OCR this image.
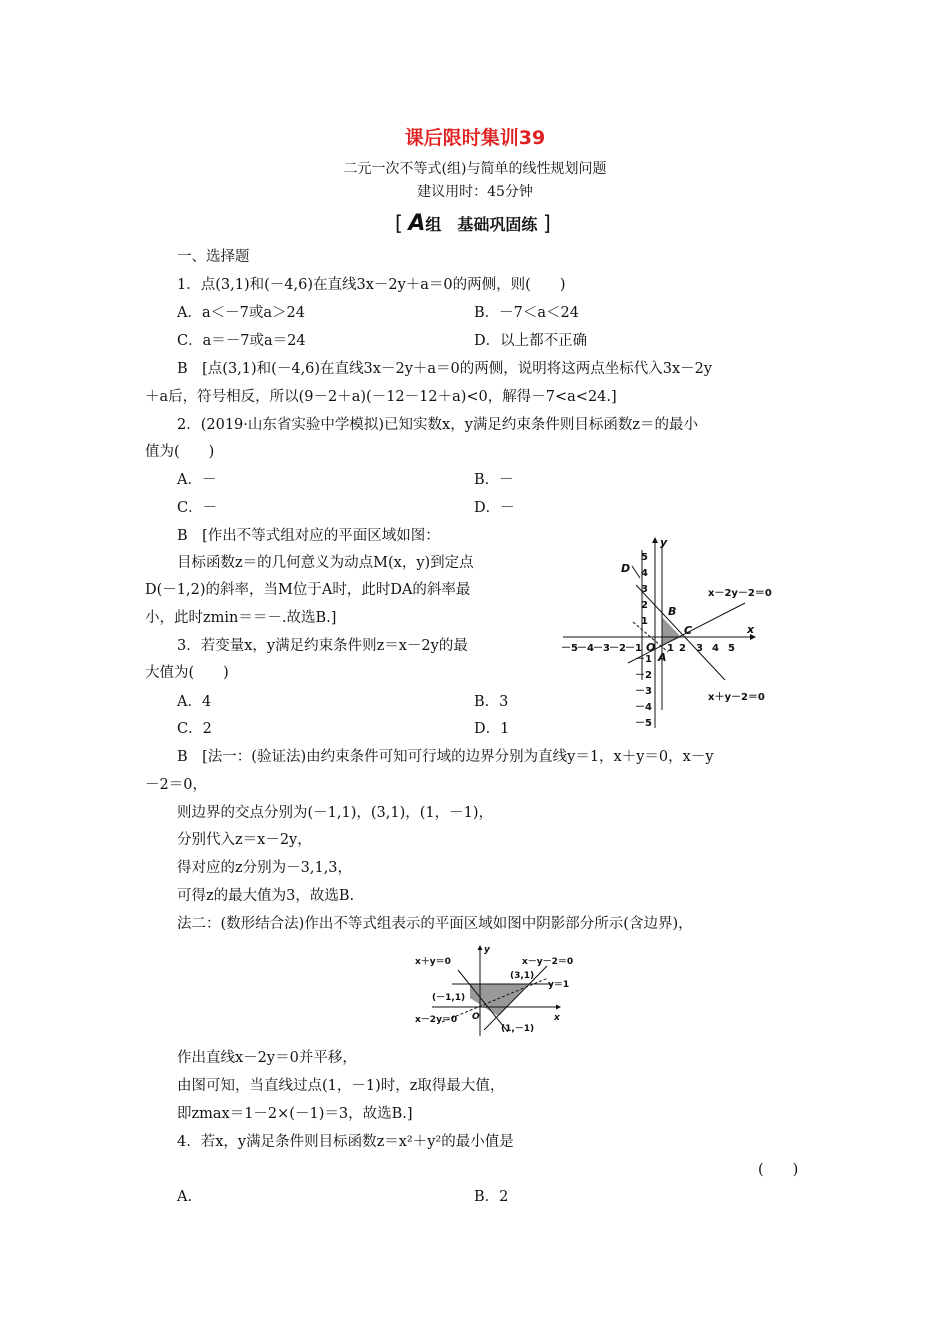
课后限时集训39
二元一次不等式(组)与简单的线性规划问题
建议用时：45分钟
[ A组　基础巩固练 ]
一、选择题
1．点(3,1)和(－4,6)在直线3x－2y＋a＝0的两侧，则(　　)
A．a＜－7或a＞24	B．－7＜a＜24
C．a＝－7或a＝24	D．以上都不正确
B　[点(3,1)和(－4,6)在直线3x－2y＋a＝0的两侧，说明将这两点坐标代入3x－2y
＋a后，符号相反，所以(9－2＋a)(－12－12＋a)<0，解得－7<a<24.]
2．(2019·山东省实验中学模拟)已知实数x，y满足约束条件则目标函数z＝的最小
值为(　　)
A．－	B．－
C．－	D．－
B　[作出不等式组对应的平面区域如图：
目标函数z＝的几何意义为动点M(x，y)到定点
D(－1,2)的斜率，当M位于A时，此时DA的斜率最
小，此时zmin＝＝－.故选B.]
3．若变量x，y满足约束条件则z＝x－2y的最
大值为(　　)
A．4	B．3
C．2	D．1
B　[法一：(验证法)由约束条件可知可行域的边界分别为直线y＝1，x＋y＝0，x－y
－2＝0，
则边界的交点分别为(－1,1)，(3,1)，(1，－1)，
分别代入z＝x－2y，
得对应的z分别为－3,1,3，
可得z的最大值为3，故选B.
法二：(数形结合法)作出不等式组表示的平面区域如图中阴影部分所示(含边界)，
作出直线x－2y＝0并平移，
由图可知，当直线过点(1，－1)时，z取得最大值，
即zmax＝1－2×(－1)＝3，故选B.]
4．若x，y满足条件则目标函数z＝x²＋y²的最小值是
(　　)
A.	B．2
x
y
O
A
B
C
D
x－2y－2＝0
x＋y－2＝0
－5 －4 －3 －2 －1	1 2 3 4 5
5
4
3
2
1
－1
－2
－3
－4
－5
x
y
O
x＋y＝0	x－y－2＝0
y＝1
x－2y＝0
(3,1)
(－1,1)
(1,－1)
